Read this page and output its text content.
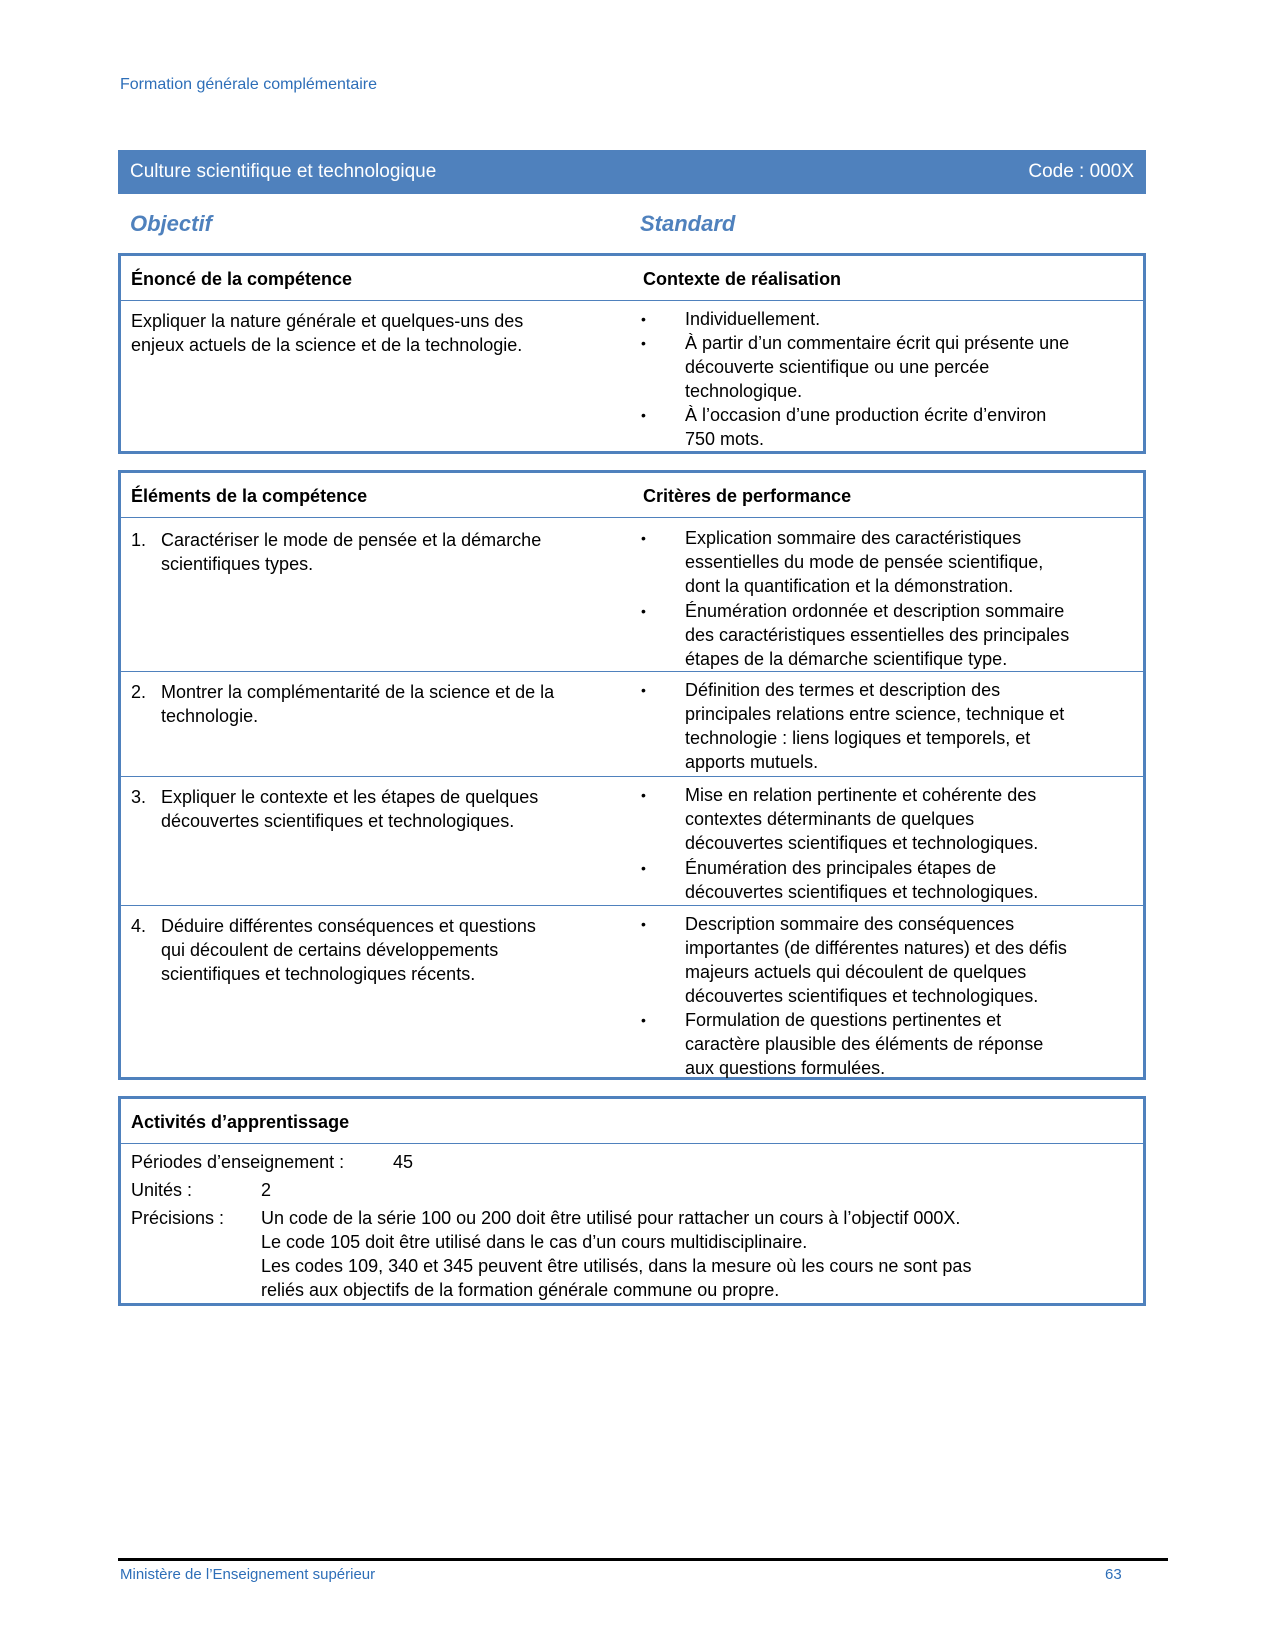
Formation générale complémentaire
Culture scientifique et technologique	Code : 000X
Objectif	Standard
Énoncé de la compétence	Contexte de réalisation
Expliquer la nature générale et quelques-uns des
enjeux actuels de la science et de la technologie.
• Individuellement.
• À partir d’un commentaire écrit qui présente une
découverte scientifique ou une percée
technologique.
• À l’occasion d’une production écrite d’environ
750 mots.
Éléments de la compétence	Critères de performance
1. Caractériser le mode de pensée et la démarche
scientifiques types.
• Explication sommaire des caractéristiques
essentielles du mode de pensée scientifique,
dont la quantification et la démonstration.
• Énumération ordonnée et description sommaire
des caractéristiques essentielles des principales
étapes de la démarche scientifique type.
2. Montrer la complémentarité de la science et de la
technologie.
• Définition des termes et description des
principales relations entre science, technique et
technologie : liens logiques et temporels, et
apports mutuels.
3. Expliquer le contexte et les étapes de quelques
découvertes scientifiques et technologiques.
• Mise en relation pertinente et cohérente des
contextes déterminants de quelques
découvertes scientifiques et technologiques.
• Énumération des principales étapes de
découvertes scientifiques et technologiques.
4. Déduire différentes conséquences et questions
qui découlent de certains développements
scientifiques et technologiques récents.
• Description sommaire des conséquences
importantes (de différentes natures) et des défis
majeurs actuels qui découlent de quelques
découvertes scientifiques et technologiques.
• Formulation de questions pertinentes et
caractère plausible des éléments de réponse
aux questions formulées.
Activités d’apprentissage
Périodes d’enseignement :	45
Unités :	2
Précisions : Un code de la série 100 ou 200 doit être utilisé pour rattacher un cours à l’objectif 000X.
Le code 105 doit être utilisé dans le cas d’un cours multidisciplinaire.
Les codes 109, 340 et 345 peuvent être utilisés, dans la mesure où les cours ne sont pas
reliés aux objectifs de la formation générale commune ou propre.
Ministère de l’Enseignement supérieur	63
